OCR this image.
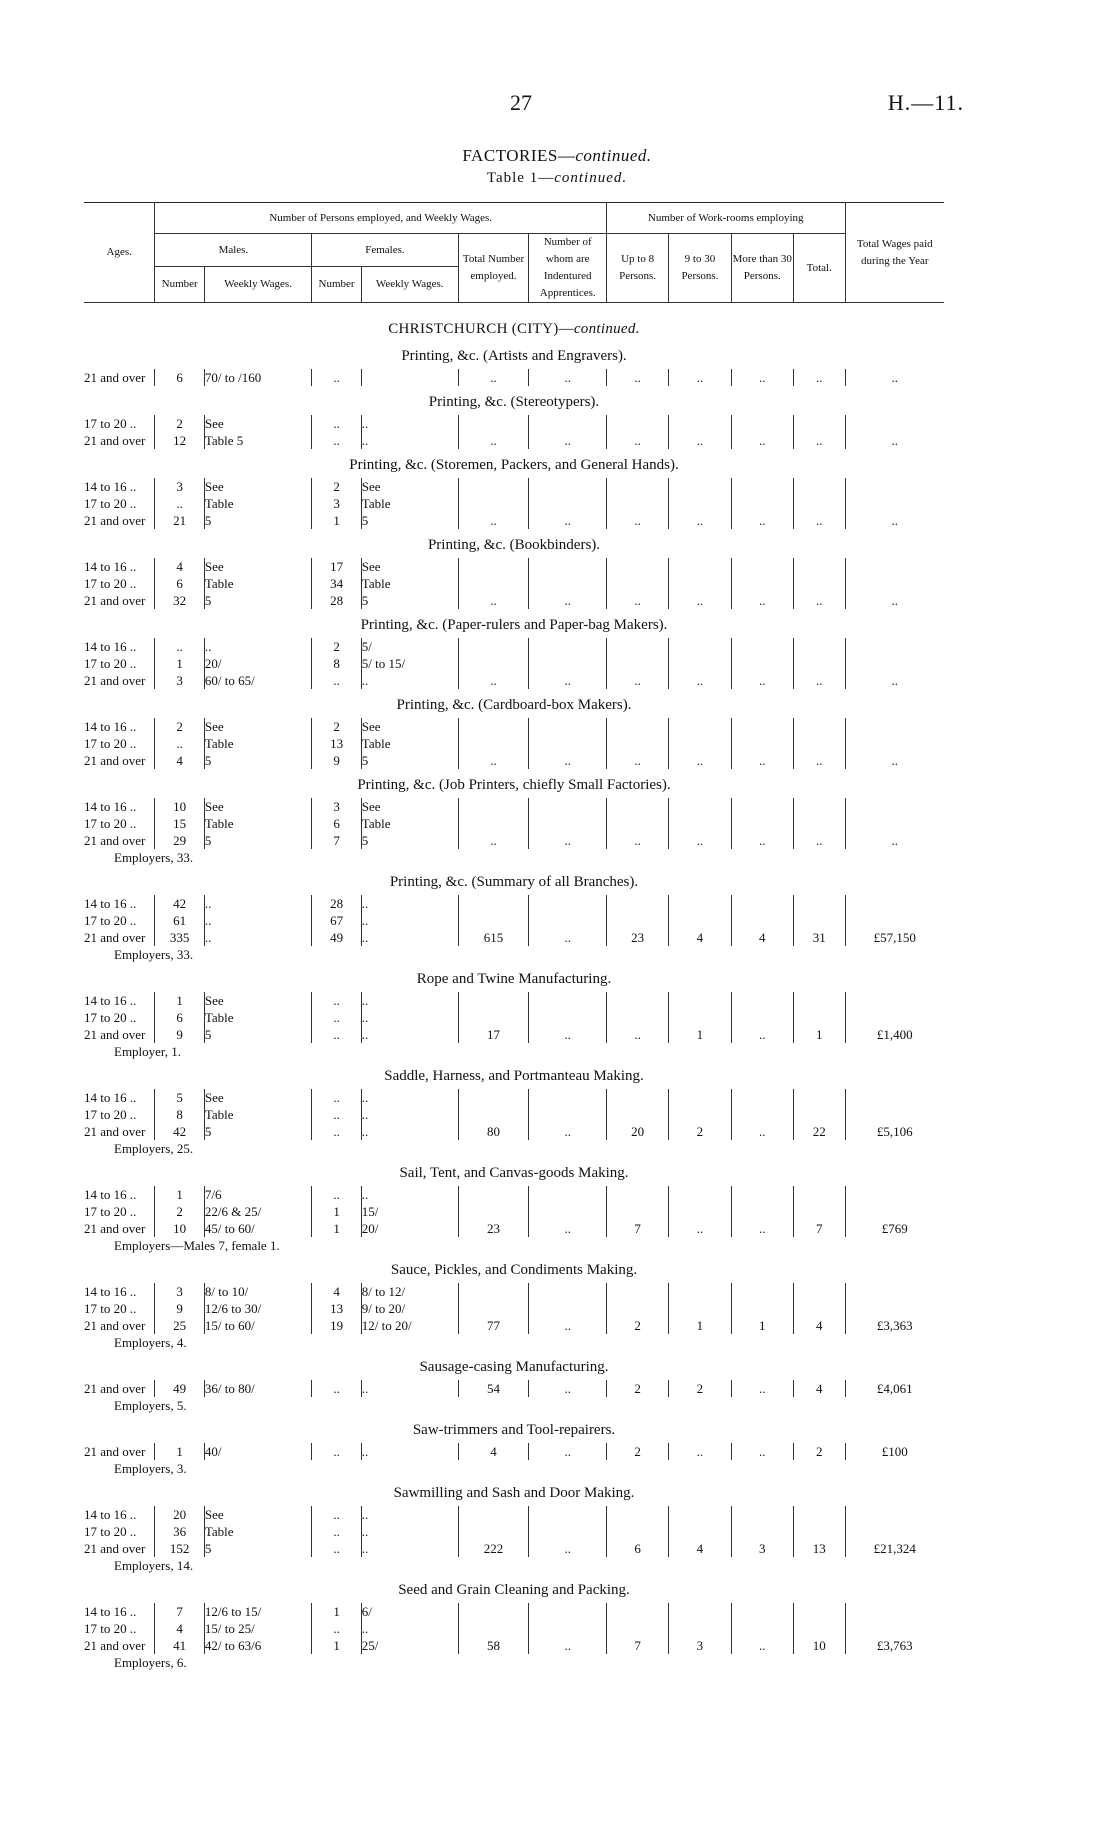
27	H.—11.
FACTORIES—continued.
Table 1—continued.
Ages.	Number of Persons employed, and Weekly Wages.						Number of Work-rooms employing				Total Wages paid during the Year
	Males.		Females.		Total Number employed.	Number of whom are Indentured Apprentices.	Up to 8 Persons.	9 to 30 Persons.	More than 30 Persons.	Total.	
	Number	Weekly Wages.	Number	Weekly Wages.							
CHRISTCHURCH (CITY)—continued.											
Printing, &c. (Artists and Engravers).											
21 and over	6	70/ to /160	..		..	..	..	..	..	..	..
Printing, &c. (Stereotypers).											
17 to 20 ..	2	See	..	..							
21 and over	12	Table 5	..	..	..	..	..	..	..	..	..
Printing, &c. (Storemen, Packers, and General Hands).											
14 to 16 ..	3	See	2	See							
17 to 20 ..	..	Table	3	Table							
21 and over	21	5	1	5	..	..	..	..	..	..	..
Printing, &c. (Bookbinders).											
14 to 16 ..	4	See	17	See							
17 to 20 ..	6	Table	34	Table							
21 and over	32	5	28	5	..	..	..	..	..	..	..
Printing, &c. (Paper-rulers and Paper-bag Makers).											
14 to 16 ..	..	..	2	5/							
17 to 20 ..	1	20/	8	5/ to 15/							
21 and over	3	60/ to 65/	..	..	..	..	..	..	..	..	..
Printing, &c. (Cardboard-box Makers).											
14 to 16 ..	2	See	2	See							
17 to 20 ..	..	Table	13	Table							
21 and over	4	5	9	5	..	..	..	..	..	..	..
Printing, &c. (Job Printers, chiefly Small Factories).											
14 to 16 ..	10	See	3	See							
17 to 20 ..	15	Table	6	Table							
21 and over	29	5	7	5	..	..	..	..	..	..	..
Employers, 33.											
Printing, &c. (Summary of all Branches).											
14 to 16 ..	42	..	28	..							
17 to 20 ..	61	..	67	..							
21 and over	335	..	49	..	615	..	23	4	4	31	£57,150
Employers, 33.											
Rope and Twine Manufacturing.											
14 to 16 ..	1	See	..	..							
17 to 20 ..	6	Table	..	..							
21 and over	9	5	..	..	17	..	..	1	..	1	£1,400
Employer, 1.											
Saddle, Harness, and Portmanteau Making.											
14 to 16 ..	5	See	..	..							
17 to 20 ..	8	Table	..	..							
21 and over	42	5	..	..	80	..	20	2	..	22	£5,106
Employers, 25.											
Sail, Tent, and Canvas-goods Making.											
14 to 16 ..	1	7/6	..	..							
17 to 20 ..	2	22/6 & 25/	1	15/							
21 and over	10	45/ to 60/	1	20/	23	..	7	..	..	7	£769
Employers—Males 7, female 1.											
Sauce, Pickles, and Condiments Making.											
14 to 16 ..	3	8/ to 10/	4	8/ to 12/							
17 to 20 ..	9	12/6 to 30/	13	9/ to 20/							
21 and over	25	15/ to 60/	19	12/ to 20/	77	..	2	1	1	4	£3,363
Employers, 4.											
Sausage-casing Manufacturing.											
21 and over	49	36/ to 80/	..	..	54	..	2	2	..	4	£4,061
Employers, 5.											
Saw-trimmers and Tool-repairers.											
21 and over	1	40/	..	..	4	..	2	..	..	2	£100
Employers, 3.											
Sawmilling and Sash and Door Making.											
14 to 16 ..	20	See	..	..							
17 to 20 ..	36	Table	..	..							
21 and over	152	5	..	..	222	..	6	4	3	13	£21,324
Employers, 14.											
Seed and Grain Cleaning and Packing.											
14 to 16 ..	7	12/6 to 15/	1	6/							
17 to 20 ..	4	15/ to 25/	..	..							
21 and over	41	42/ to 63/6	1	25/	58	..	7	3	..	10	£3,763
Employers, 6.											
